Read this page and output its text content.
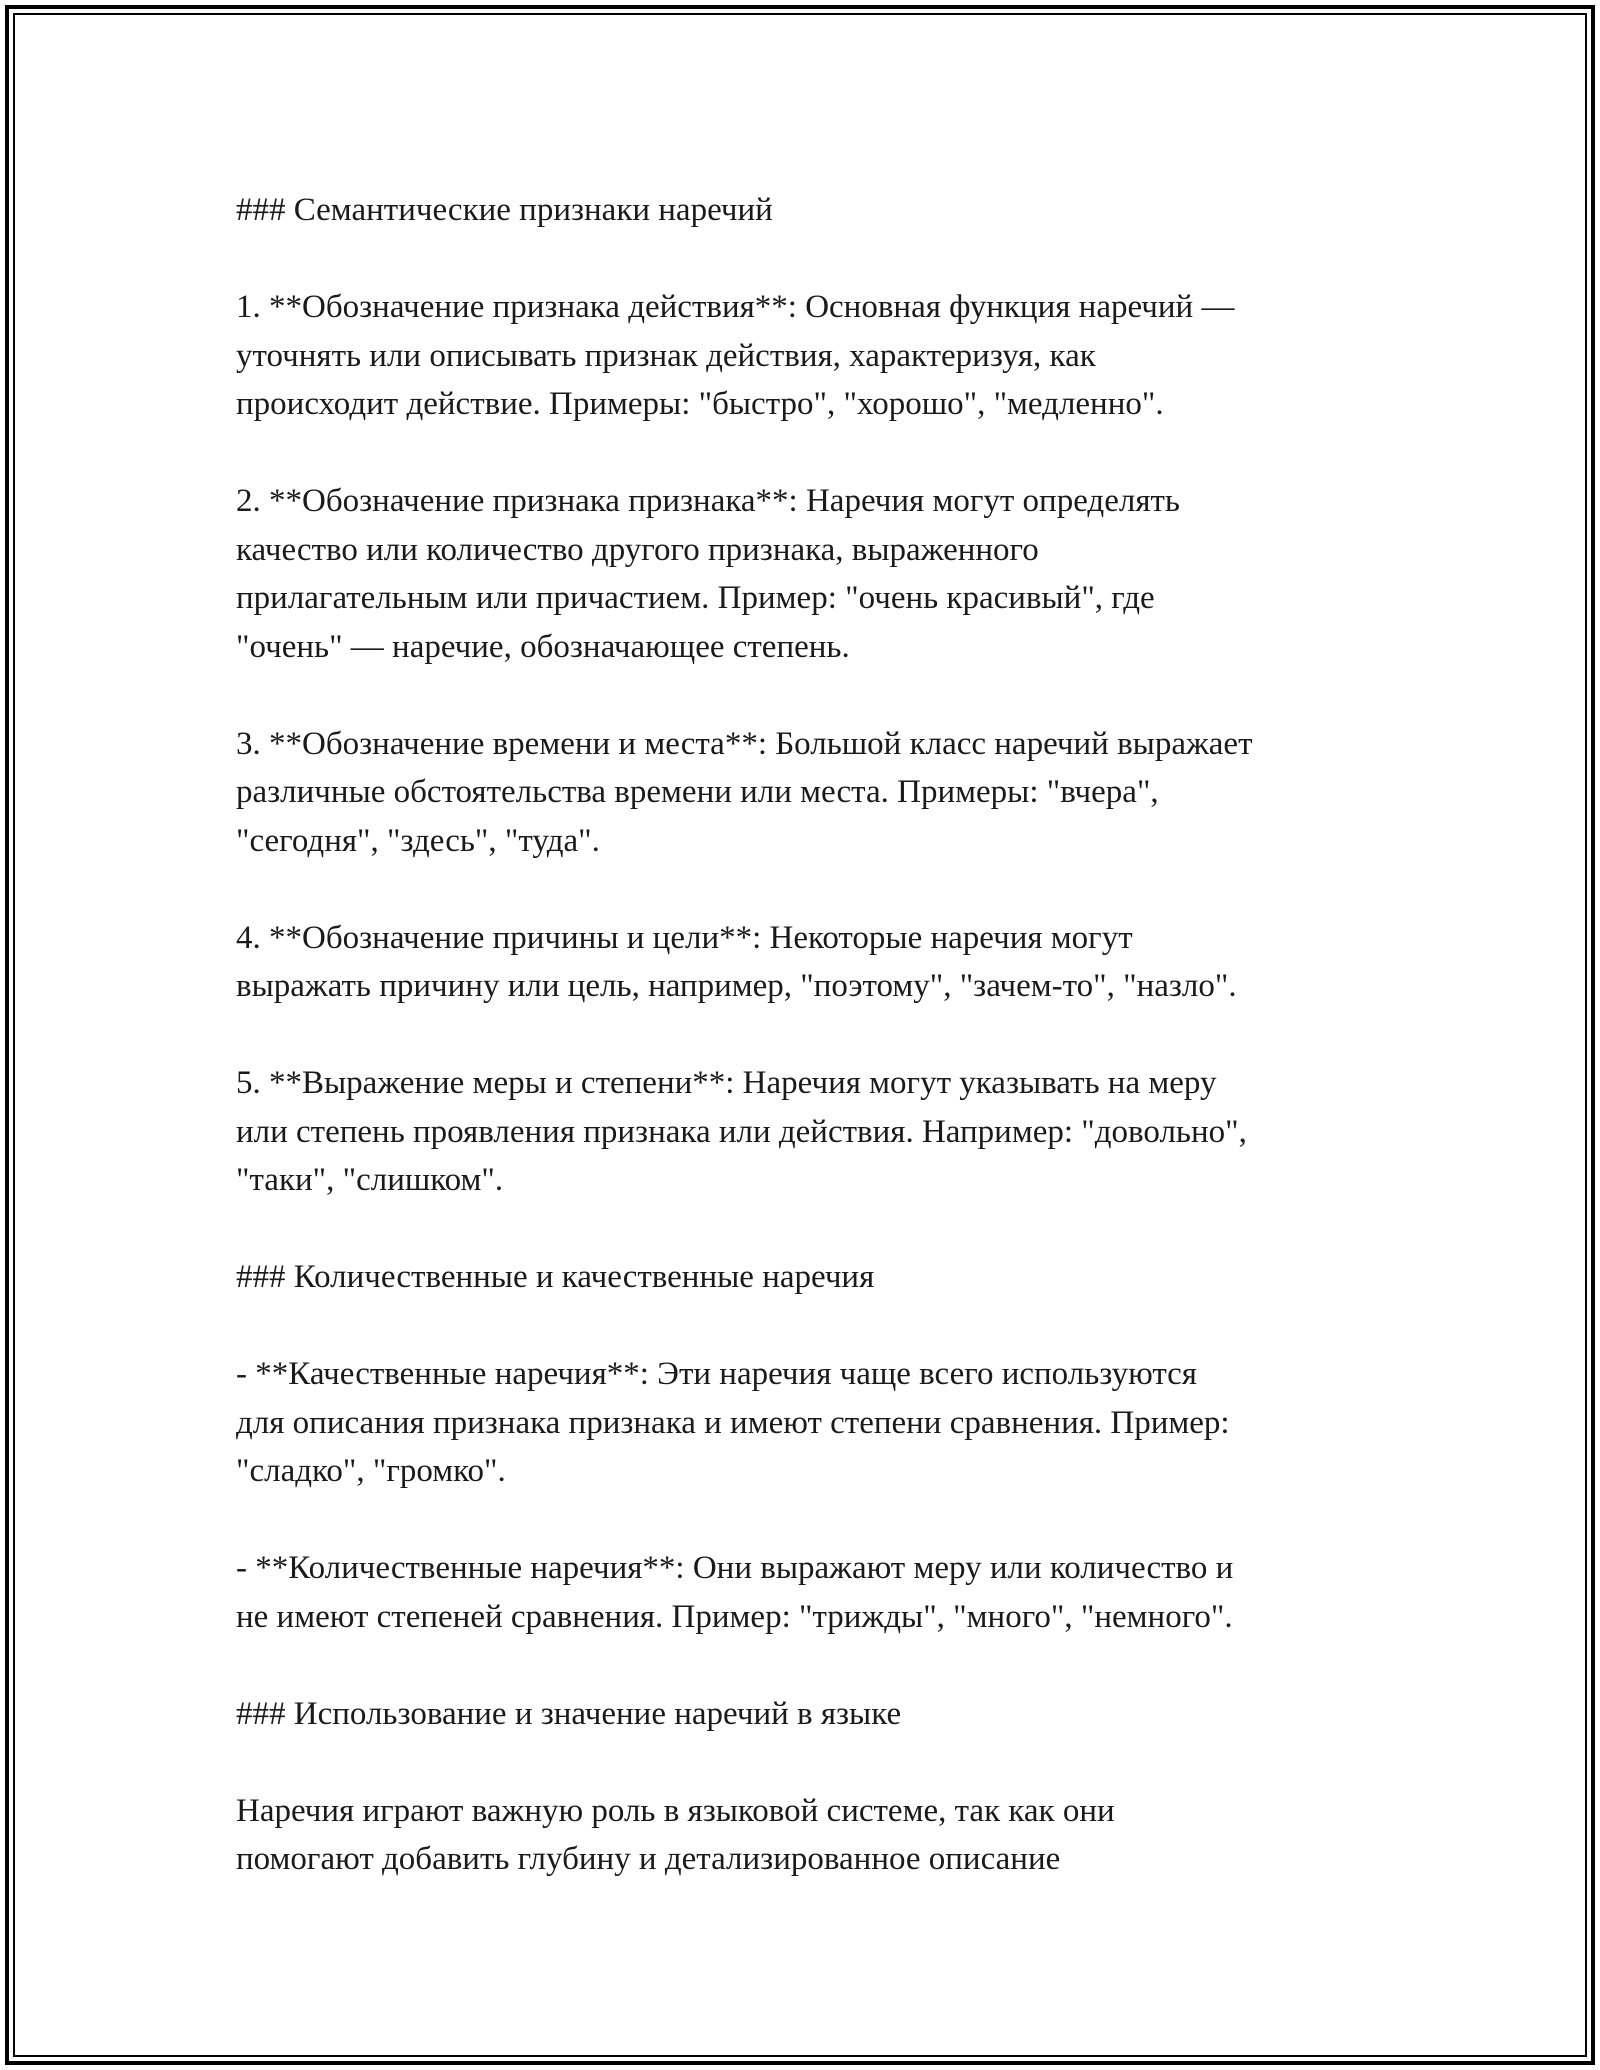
### Семантические признаки наречий

1. **Обозначение признака действия**: Основная функция наречий —
уточнять или описывать признак действия, характеризуя, как
происходит действие. Примеры: "быстро", "хорошо", "медленно".

2. **Обозначение признака признака**: Наречия могут определять
качество или количество другого признака, выраженного
прилагательным или причастием. Пример: "очень красивый", где
"очень" — наречие, обозначающее степень.

3. **Обозначение времени и места**: Большой класс наречий выражает
различные обстоятельства времени или места. Примеры: "вчера",
"сегодня", "здесь", "туда".

4. **Обозначение причины и цели**: Некоторые наречия могут
выражать причину или цель, например, "поэтому", "зачем-то", "назло".

5. **Выражение меры и степени**: Наречия могут указывать на меру
или степень проявления признака или действия. Например: "довольно",
"таки", "слишком".

### Количественные и качественные наречия

- **Качественные наречия**: Эти наречия чаще всего используются
для описания признака признака и имеют степени сравнения. Пример:
"сладко", "громко".

- **Количественные наречия**: Они выражают меру или количество и
не имеют степеней сравнения. Пример: "трижды", "много", "немного".

### Использование и значение наречий в языке

Наречия играют важную роль в языковой системе, так как они
помогают добавить глубину и детализированное описание
